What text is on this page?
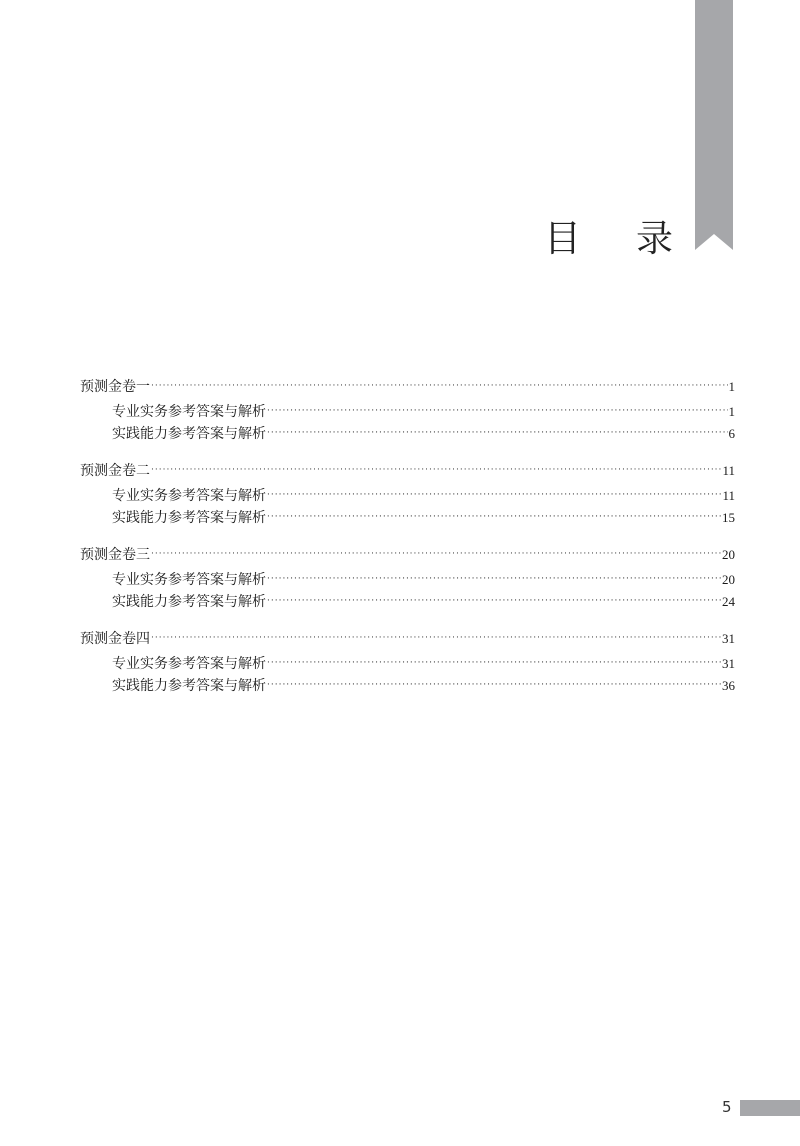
目 录
预测金卷一 ·····	1
专业实务参考答案与解析 ·····	1
实践能力参考答案与解析 ·····	6
预测金卷二 ·····	11
专业实务参考答案与解析 ·····	11
实践能力参考答案与解析 ·····	15
预测金卷三 ·····	20
专业实务参考答案与解析 ·····	20
实践能力参考答案与解析 ·····	24
预测金卷四 ·····	31
专业实务参考答案与解析 ·····	31
实践能力参考答案与解析 ·····	36
5
